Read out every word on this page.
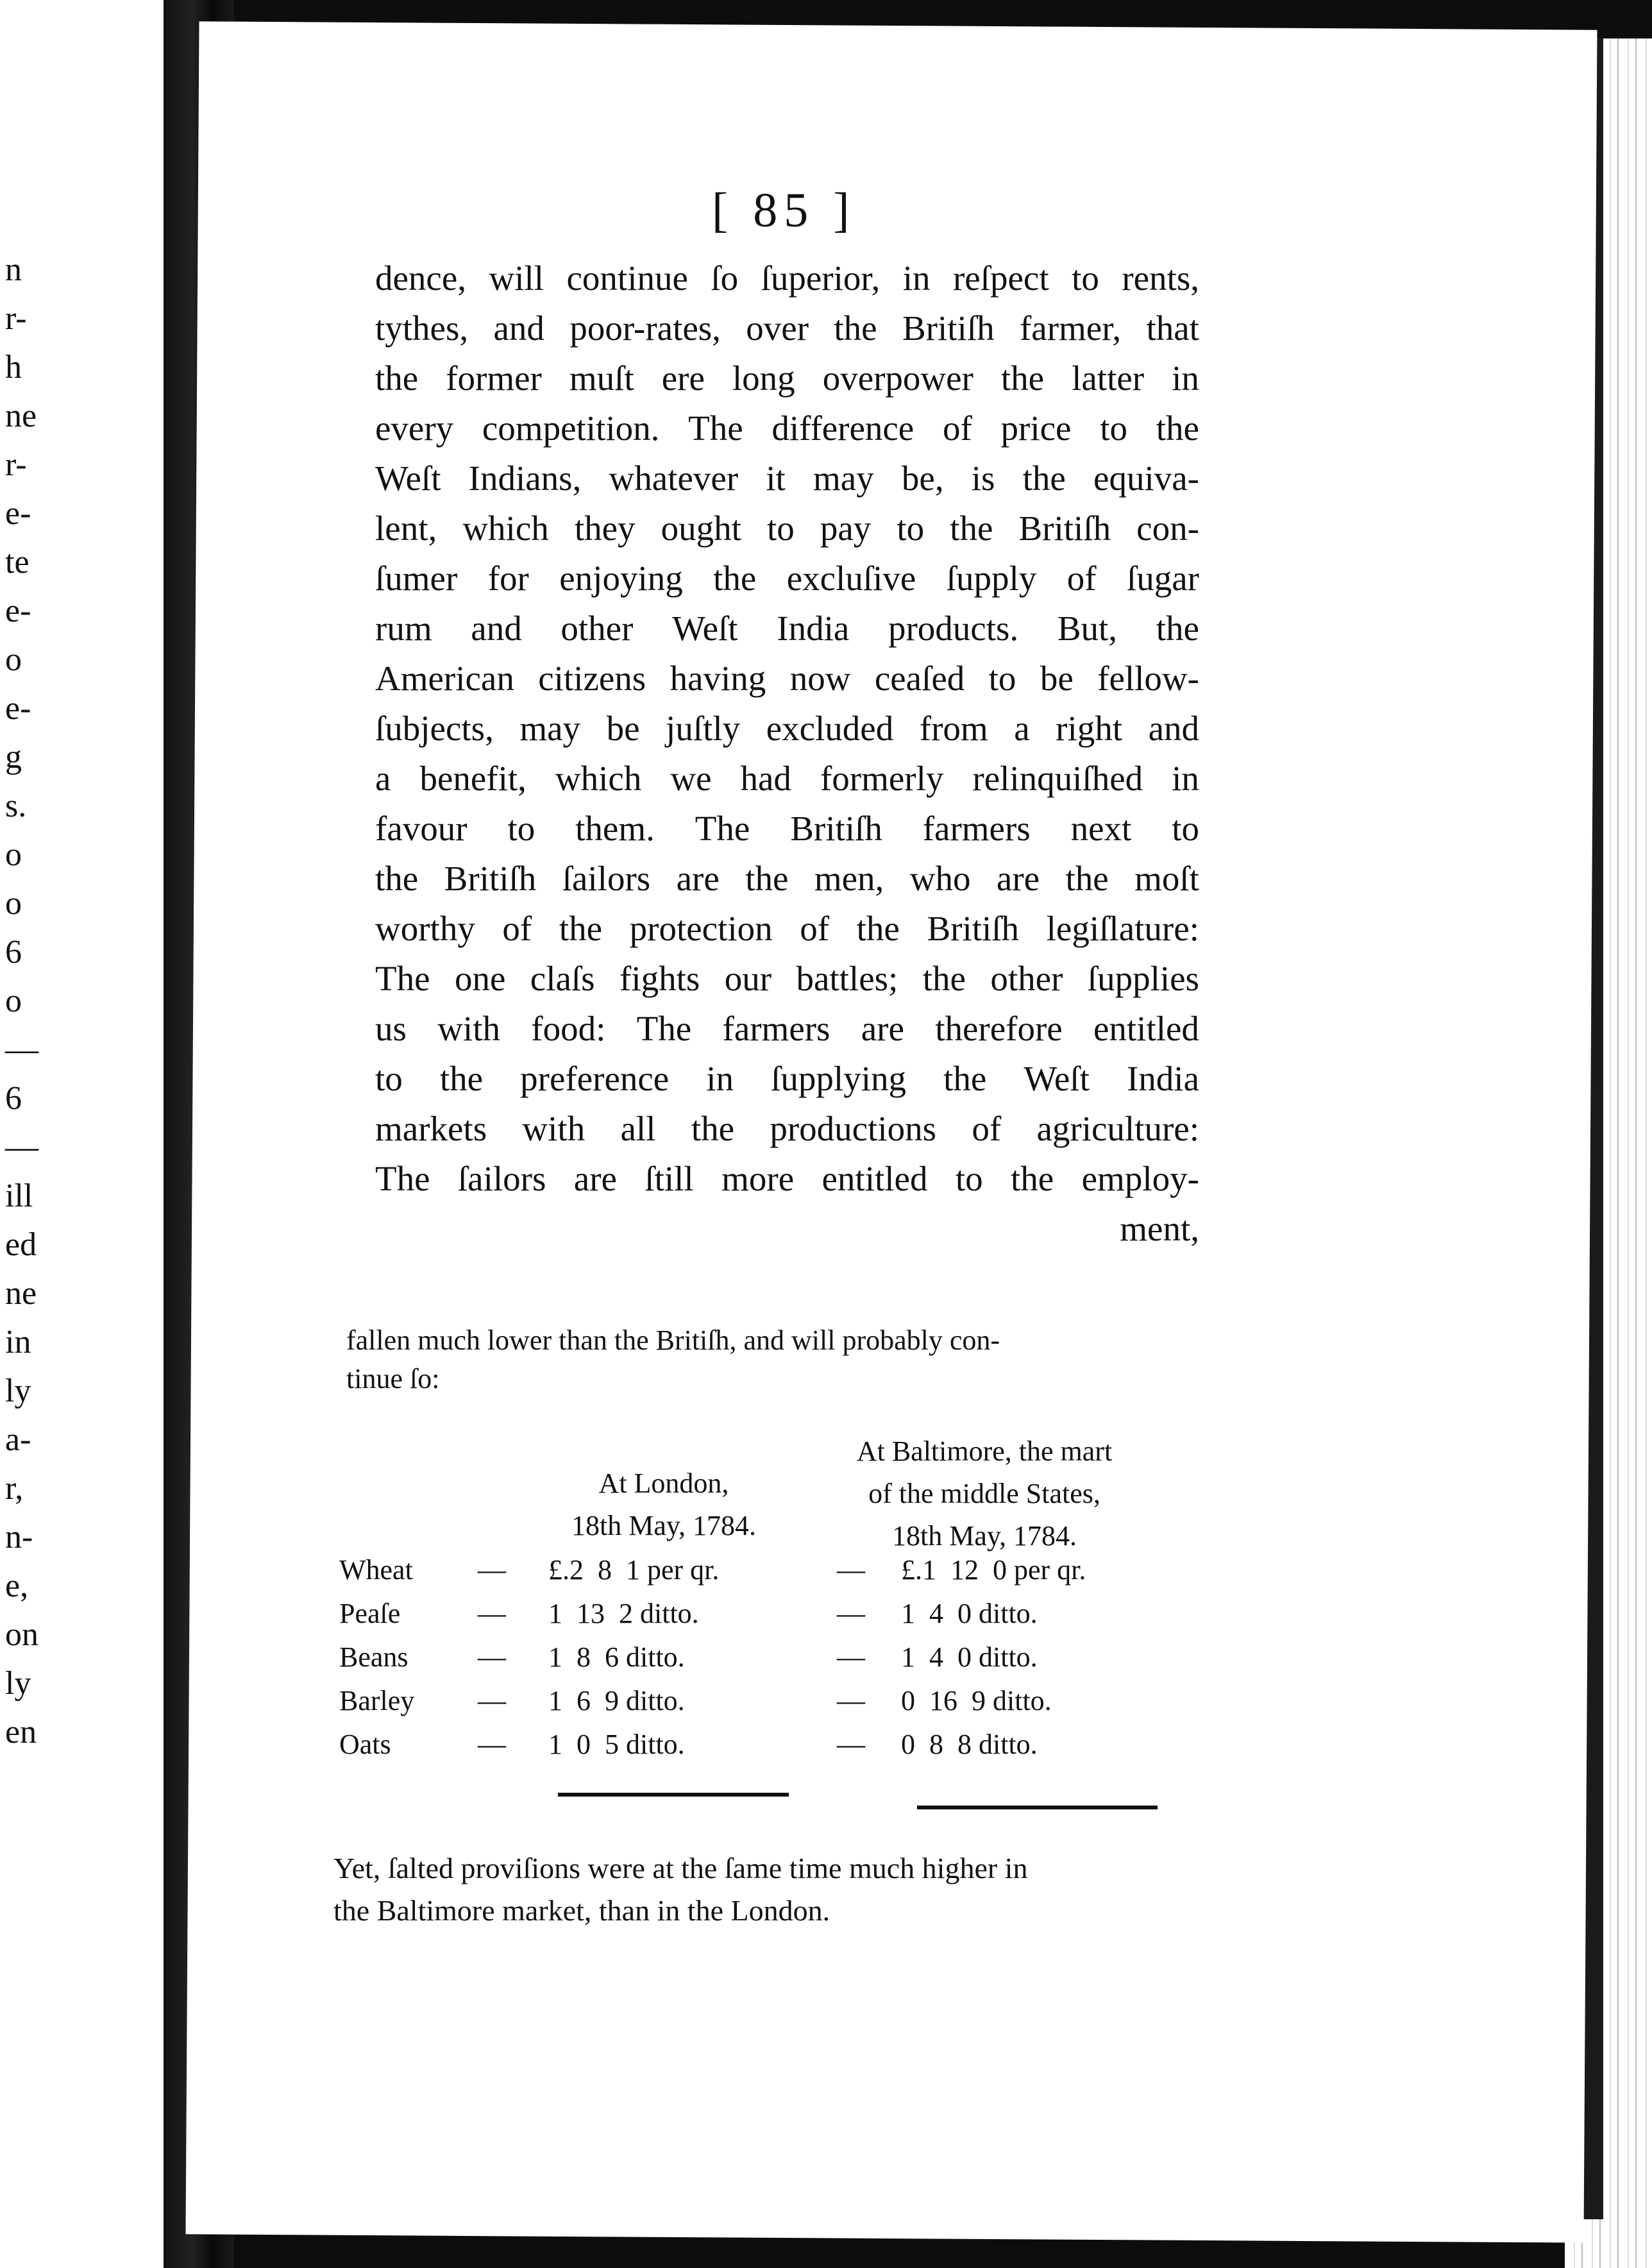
n
r-
h
ne
r-
e-
te
e-
o
e-
g
s.
o
o
6
o
—
6
—
ill
ed
ne
in
ly
a-
r,
n-
e,
on
ly
en
[ 85 ]
dence, will continue ſo ſuperior, in reſpect to rents,
tythes, and poor-rates, over the Britiſh farmer, that
the former muſt ere long overpower the latter in
every competition. The difference of price to the
Weſt Indians, whatever it may be, is the equiva-
lent, which they ought to pay to the Britiſh con-
ſumer for enjoying the excluſive ſupply of ſugar
rum and other Weſt India products. But, the
American citizens having now ceaſed to be fellow-
ſubjects, may be juſtly excluded from a right and
a benefit, which we had formerly relinquiſhed in
favour to them. The Britiſh farmers next to
the Britiſh ſailors are the men, who are the moſt
worthy of the protection of the Britiſh legiſlature:
The one claſs fights our battles; the other ſupplies
us with food: The farmers are therefore entitled
to the preference in ſupplying the Weſt India
markets with all the productions of agriculture:
The ſailors are ſtill more entitled to the employ-
ment,
fallen much lower than the Britiſh, and will probably con-
tinue ſo:
At London,
18th May, 1784.
At Baltimore, the mart
of the middle States,
18th May, 1784.
Wheat — £.2  8  1 per qr.	— £.1  12  0 per qr.
Peaſe	— 1  13  2 ditto.	— 1  4  0 ditto.
Beans — 1  8  6 ditto.	— 1  4  0 ditto.
Barley — 1  6  9 ditto.	— 0  16  9 ditto.
Oats	— 1  0  5 ditto.	— 0  8  8 ditto.
Yet, ſalted proviſions were at the ſame time much higher in
the Baltimore market, than in the London.
